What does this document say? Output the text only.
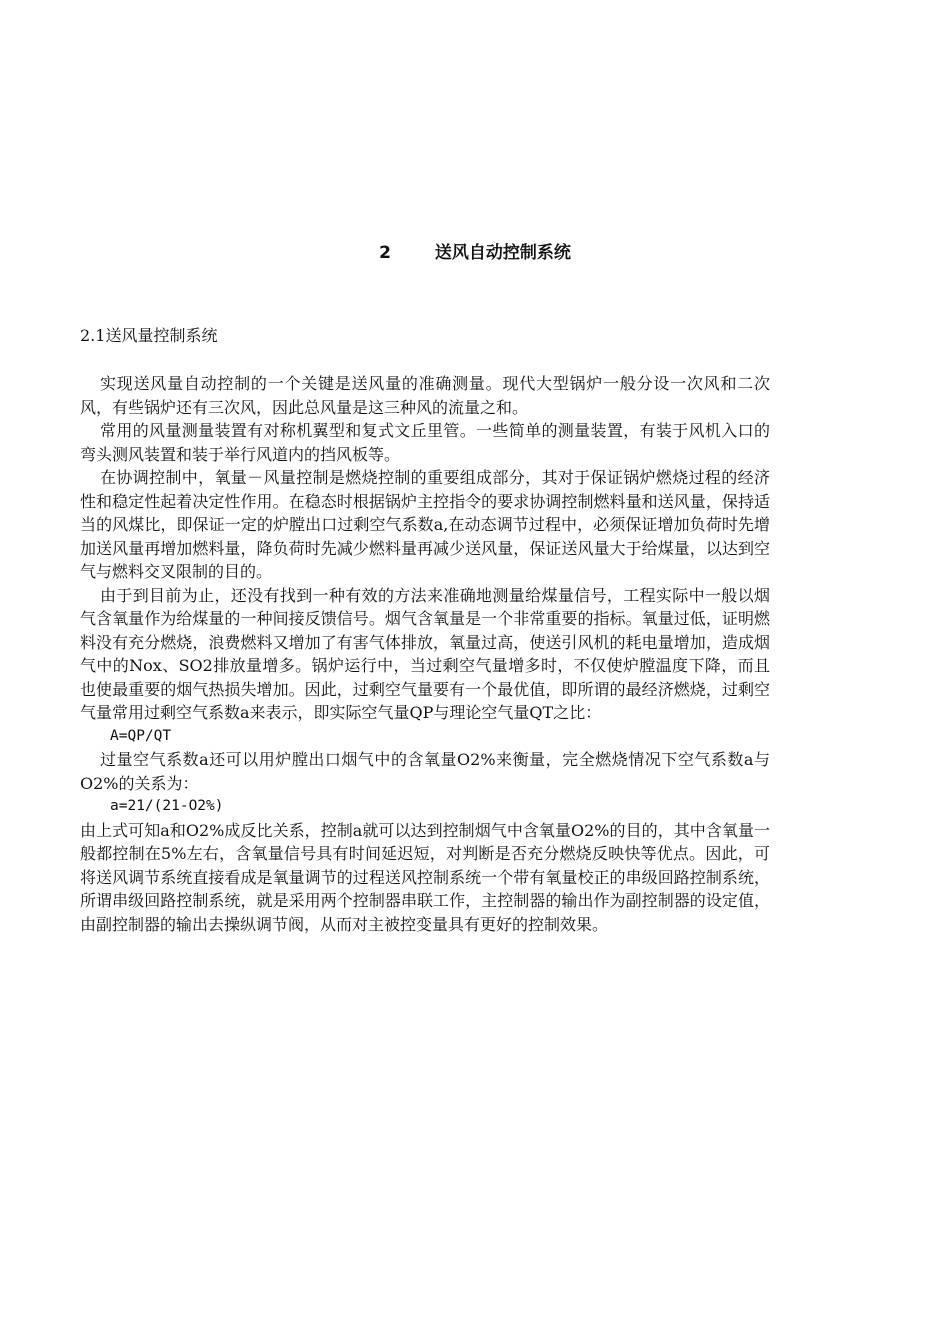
2	送风自动控制系统
2.1送风量控制系统

实现送风量自动控制的一个关键是送风量的准确测量。现代大型锅炉一般分设一次风和二次风，有些锅炉还有三次风，因此总风量是这三种风的流量之和。

常用的风量测量装置有对称机翼型和复式文丘里管。一些简单的测量装置，有装于风机入口的弯头测风装置和装于举行风道内的挡风板等。

在协调控制中，氧量－风量控制是燃烧控制的重要组成部分，其对于保证锅炉燃烧过程的经济性和稳定性起着决定性作用。在稳态时根据锅炉主控指令的要求协调控制燃料量和送风量，保持适当的风煤比，即保证一定的炉膛出口过剩空气系数a,在动态调节过程中，必须保证增加负荷时先增加送风量再增加燃料量，降负荷时先减少燃料量再减少送风量，保证送风量大于给煤量，以达到空气与燃料交叉限制的目的。

由于到目前为止，还没有找到一种有效的方法来准确地测量给煤量信号，工程实际中一般以烟气含氧量作为给煤量的一种间接反馈信号。烟气含氧量是一个非常重要的指标。氧量过低，证明燃料没有充分燃烧，浪费燃料又增加了有害气体排放，氧量过高，使送引风机的耗电量增加，造成烟气中的Nox、SO2排放量增多。锅炉运行中，当过剩空气量增多时，不仅使炉膛温度下降，而且也使最重要的烟气热损失增加。因此，过剩空气量要有一个最优值，即所谓的最经济燃烧，过剩空气量常用过剩空气系数a来表示，即实际空气量QP与理论空气量QT之比：

A=QP/QT

过量空气系数a还可以用炉膛出口烟气中的含氧量O2%来衡量，完全燃烧情况下空气系数a与O2%的关系为：

a=21/(21-O2%)

由上式可知a和O2%成反比关系，控制a就可以达到控制烟气中含氧量O2%的目的，其中含氧量一般都控制在5%左右，含氧量信号具有时间延迟短，对判断是否充分燃烧反映快等优点。因此，可将送风调节系统直接看成是氧量调节的过程送风控制系统一个带有氧量校正的串级回路控制系统，所谓串级回路控制系统，就是采用两个控制器串联工作，主控制器的输出作为副控制器的设定值，由副控制器的输出去操纵调节阀，从而对主被控变量具有更好的控制效果。
